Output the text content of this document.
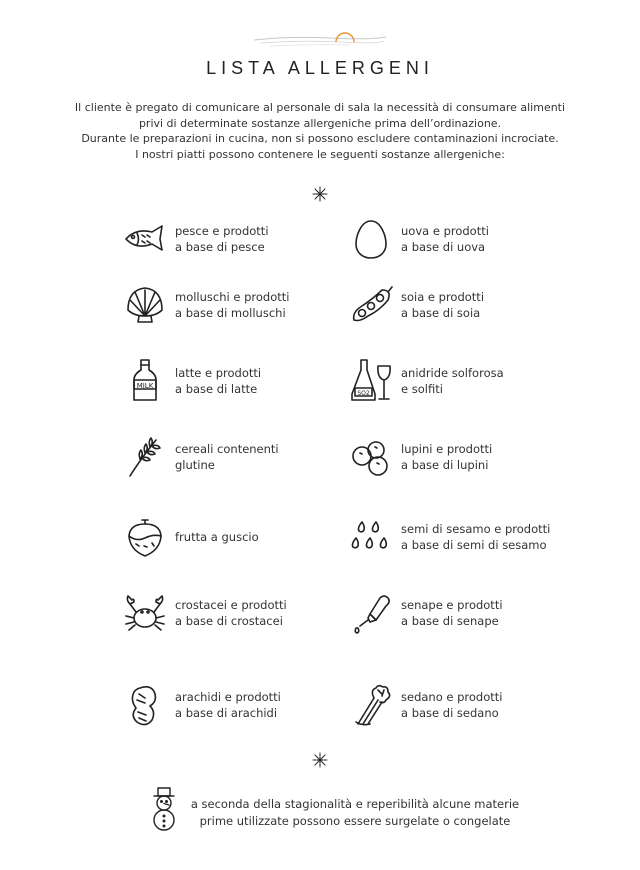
LISTA ALLERGENI
Il cliente è pregato di comunicare al personale di sala la necessità di consumare alimenti
privi di determinate sostanze allergeniche prima dell’ordinazione.
Durante le preparazioni in cucina, non si possono escludere contaminazioni incrociate.
I nostri piatti possono contenere le seguenti sostanze allergeniche:
pesce e prodotti
a base di pesce
uova e prodotti
a base di uova
molluschi e prodotti
a base di molluschi
soia e prodotti
a base di soia
MILK
latte e prodotti
a base di latte	SO2
anidride solforosa
e solfiti
cereali contenenti
glutine
lupini e prodotti
a base di lupini
frutta a guscio
semi di sesamo e prodotti
a base di semi di sesamo
crostacei e prodotti
a base di crostacei
senape e prodotti
a base di senape
arachidi e prodotti
a base di arachidi
sedano e prodotti
a base di sedano
a seconda della stagionalità e reperibilità alcune materie
prime utilizzate possono essere surgelate o congelate
